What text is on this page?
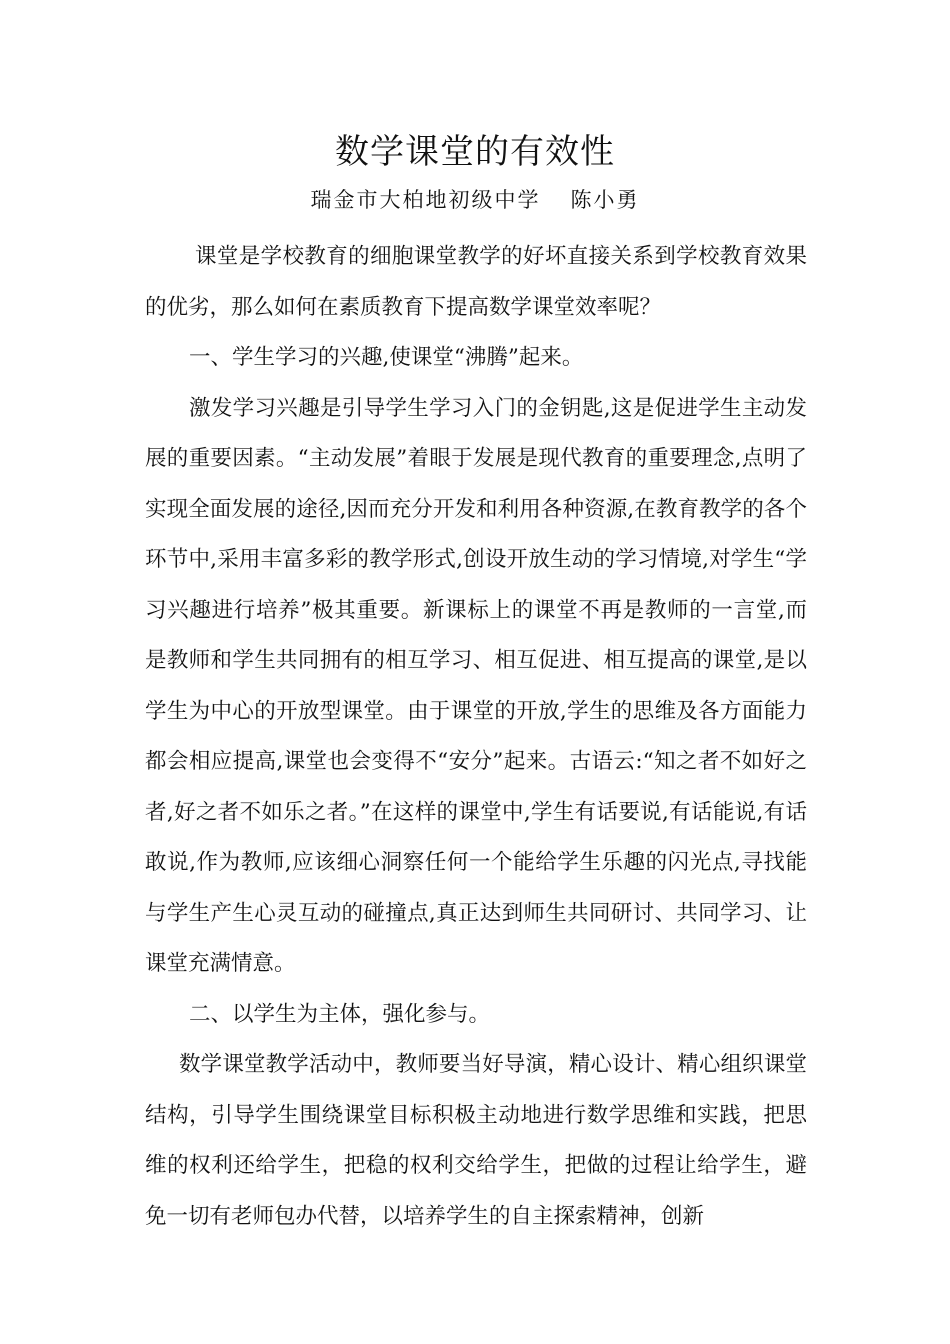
数学课堂的有效性
瑞金市大柏地初级中学 陈小勇

课堂是学校教育的细胞课堂教学的好坏直接关系到学校教育效果的优劣，那么如何在素质教育下提高数学课堂效率呢？

一、学生学习的兴趣,使课堂“沸腾”起来。

激发学习兴趣是引导学生学习入门的金钥匙,这是促进学生主动发展的重要因素。“主动发展”着眼于发展是现代教育的重要理念,点明了实现全面发展的途径,因而充分开发和利用各种资源,在教育教学的各个环节中,采用丰富多彩的教学形式,创设开放生动的学习情境,对学生“学习兴趣进行培养”极其重要。新课标上的课堂不再是教师的一言堂,而是教师和学生共同拥有的相互学习、相互促进、相互提高的课堂,是以学生为中心的开放型课堂。由于课堂的开放,学生的思维及各方面能力都会相应提高,课堂也会变得不“安分”起来。古语云:“知之者不如好之者,好之者不如乐之者。”在这样的课堂中,学生有话要说,有话能说,有话敢说,作为教师,应该细心洞察任何一个能给学生乐趣的闪光点,寻找能与学生产生心灵互动的碰撞点,真正达到师生共同研讨、共同学习、让课堂充满情意。

二、以学生为主体，强化参与。

数学课堂教学活动中，教师要当好导演，精心设计、精心组织课堂结构，引导学生围绕课堂目标积极主动地进行数学思维和实践，把思维的权利还给学生，把稳的权利交给学生，把做的过程让给学生，避免一切有老师包办代替，以培养学生的自主探索精神，创新
